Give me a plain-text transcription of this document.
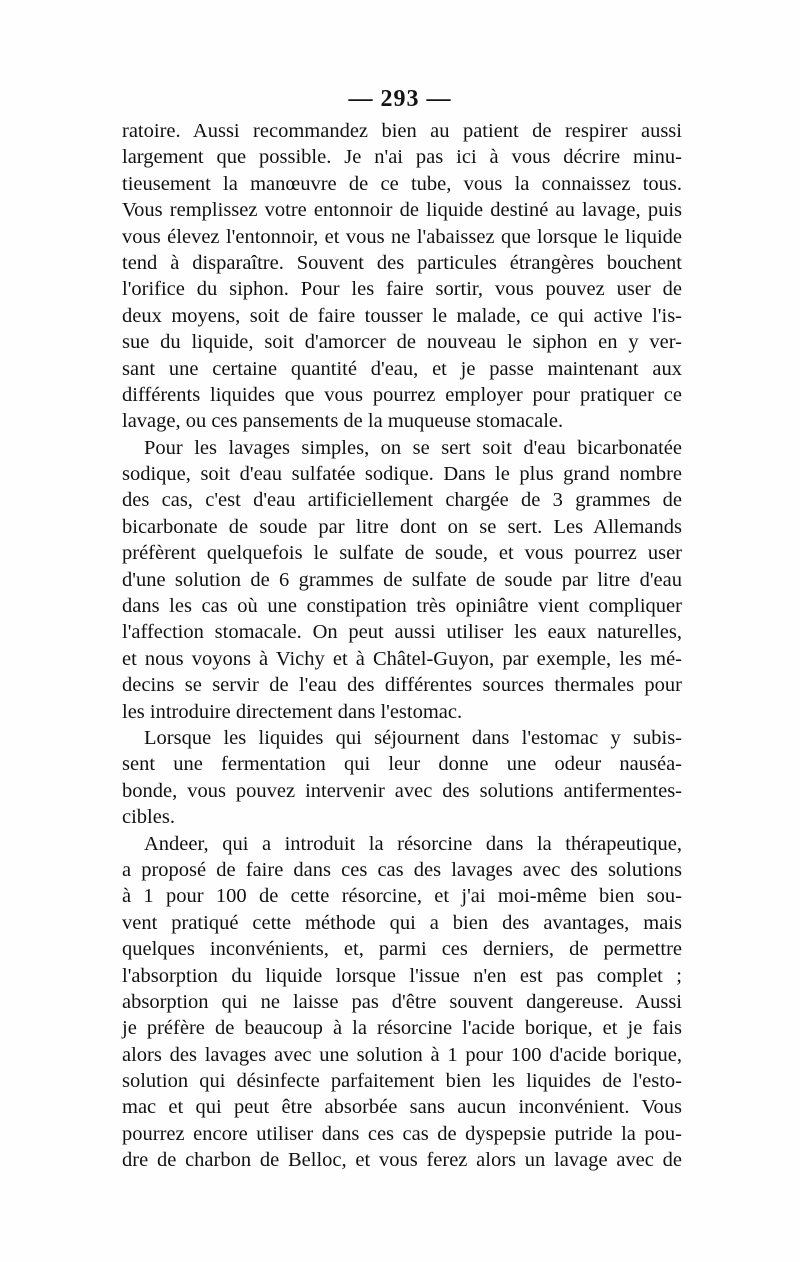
— 293 —
ratoire. Aussi recommandez bien au patient de respirer aussi
largement que possible. Je n'ai pas ici à vous décrire minu-
tieusement la manœuvre de ce tube, vous la connaissez tous.
Vous remplissez votre entonnoir de liquide destiné au lavage, puis
vous élevez l'entonnoir, et vous ne l'abaissez que lorsque le liquide
tend à disparaître. Souvent des particules étrangères bouchent
l'orifice du siphon. Pour les faire sortir, vous pouvez user de
deux moyens, soit de faire tousser le malade, ce qui active l'is-
sue du liquide, soit d'amorcer de nouveau le siphon en y ver-
sant une certaine quantité d'eau, et je passe maintenant aux
différents liquides que vous pourrez employer pour pratiquer ce
lavage, ou ces pansements de la muqueuse stomacale.
Pour les lavages simples, on se sert soit d'eau bicarbonatée
sodique, soit d'eau sulfatée sodique. Dans le plus grand nombre
des cas, c'est d'eau artificiellement chargée de 3 grammes de
bicarbonate de soude par litre dont on se sert. Les Allemands
préfèrent quelquefois le sulfate de soude, et vous pourrez user
d'une solution de 6 grammes de sulfate de soude par litre d'eau
dans les cas où une constipation très opiniâtre vient compliquer
l'affection stomacale. On peut aussi utiliser les eaux naturelles,
et nous voyons à Vichy et à Châtel-Guyon, par exemple, les mé-
decins se servir de l'eau des différentes sources thermales pour
les introduire directement dans l'estomac.
Lorsque les liquides qui séjournent dans l'estomac y subis-
sent une fermentation qui leur donne une odeur nauséa-
bonde, vous pouvez intervenir avec des solutions antifermentes-
cibles.
Andeer, qui a introduit la résorcine dans la thérapeutique,
a proposé de faire dans ces cas des lavages avec des solutions
à 1 pour 100 de cette résorcine, et j'ai moi-même bien sou-
vent pratiqué cette méthode qui a bien des avantages, mais
quelques inconvénients, et, parmi ces derniers, de permettre
l'absorption du liquide lorsque l'issue n'en est pas complet ;
absorption qui ne laisse pas d'être souvent dangereuse. Aussi
je préfère de beaucoup à la résorcine l'acide borique, et je fais
alors des lavages avec une solution à 1 pour 100 d'acide borique,
solution qui désinfecte parfaitement bien les liquides de l'esto-
mac et qui peut être absorbée sans aucun inconvénient. Vous
pourrez encore utiliser dans ces cas de dyspepsie putride la pou-
dre de charbon de Belloc, et vous ferez alors un lavage avec de
